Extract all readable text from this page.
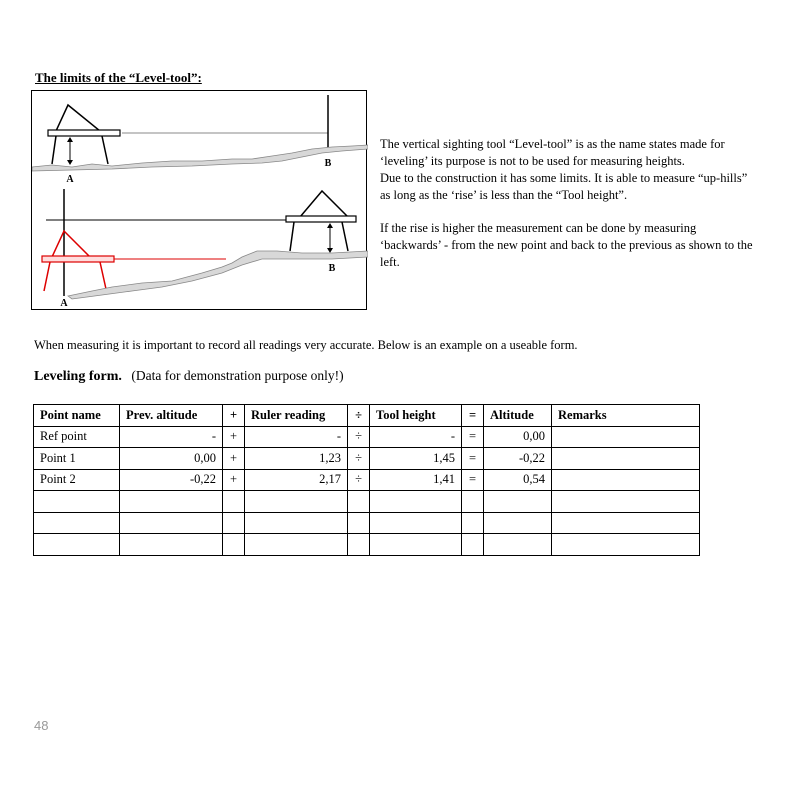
The limits of the “Level-tool”:
A
B
A
B

The vertical sighting tool “Level-tool” is as the name states made for ‘leveling’ its purpose is not to be used for measuring heights.

Due to the construction it has some limits. It is able to measure “up-hills” as long as the ‘rise’ is less than the “Tool height”.

If the rise is higher the measurement can be done by measuring ‘backwards’ - from the new point and back to the previous as shown to the left.

When measuring it is important to record all readings very accurate. Below is an example on a useable form.
Leveling form. (Data for demonstration purpose only!)
Point name	Prev. altitude	+	Ruler reading	÷	Tool height	=	Altitude	Remarks
Ref point	-	+	-	÷	-	=	0,00	
Point 1	0,00	+	1,23	÷	1,45	=	-0,22	
Point 2	-0,22	+	2,17	÷	1,41	=	0,54	

48
